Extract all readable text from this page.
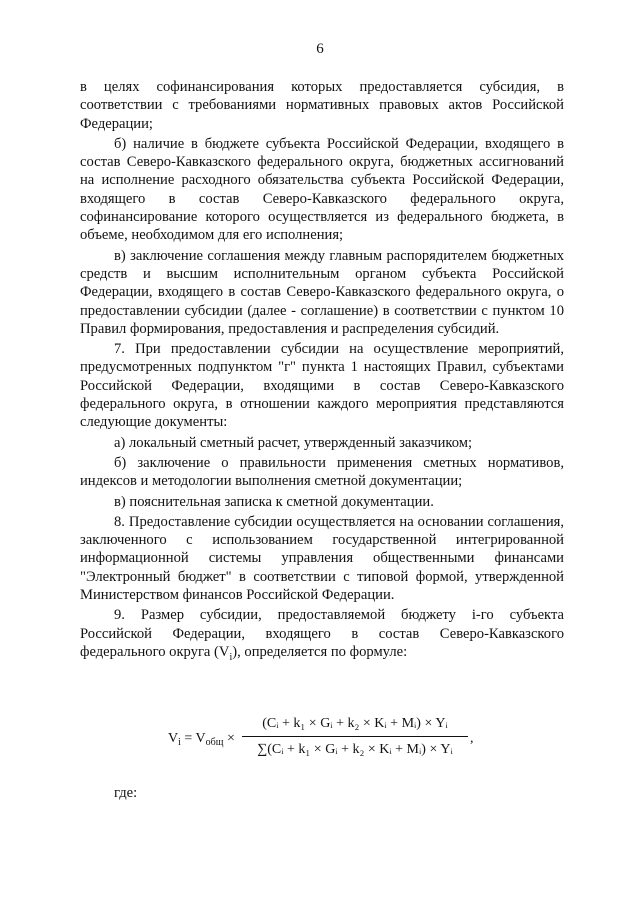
6

в целях софинансирования которых предоставляется субсидия, в соответствии с требованиями нормативных правовых актов Российской Федерации;

б) наличие в бюджете субъекта Российской Федерации, входящего в состав Северо-Кавказского федерального округа, бюджетных ассигнований на исполнение расходного обязательства субъекта Российской Федерации, входящего в состав Северо-Кавказского федерального округа, софинансирование которого осуществляется из федерального бюджета, в объеме, необходимом для его исполнения;

в) заключение соглашения между главным распорядителем бюджетных средств и высшим исполнительным органом субъекта Российской Федерации, входящего в состав Северо-Кавказского федерального округа, о предоставлении субсидии (далее - соглашение) в соответствии с пунктом 10 Правил формирования, предоставления и распределения субсидий.

7. При предоставлении субсидии на осуществление мероприятий, предусмотренных подпунктом "г" пункта 1 настоящих Правил, субъектами Российской Федерации, входящими в состав Северо-Кавказского федерального округа, в отношении каждого мероприятия представляются следующие документы:

а) локальный сметный расчет, утвержденный заказчиком;

б) заключение о правильности применения сметных нормативов, индексов и методологии выполнения сметной документации;

в) пояснительная записка к сметной документации.

8. Предоставление субсидии осуществляется на основании соглашения, заключенного с использованием государственной интегрированной информационной системы управления общественными финансами "Электронный бюджет" в соответствии с типовой формой, утвержденной Министерством финансов Российской Федерации.

9. Размер субсидии, предоставляемой бюджету i-го субъекта Российской Федерации, входящего в состав Северо-Кавказского федерального округа $(V_i)$, определяется по формуле:

$V_i = V_{общ}$ ×
(Cᵢ + k₁ × Gᵢ + k₂ × Kᵢ + Mᵢ) × Yᵢ
∑(Cᵢ + k₁ × Gᵢ + k₂ × Kᵢ + Mᵢ) × Yᵢ
,
где:
